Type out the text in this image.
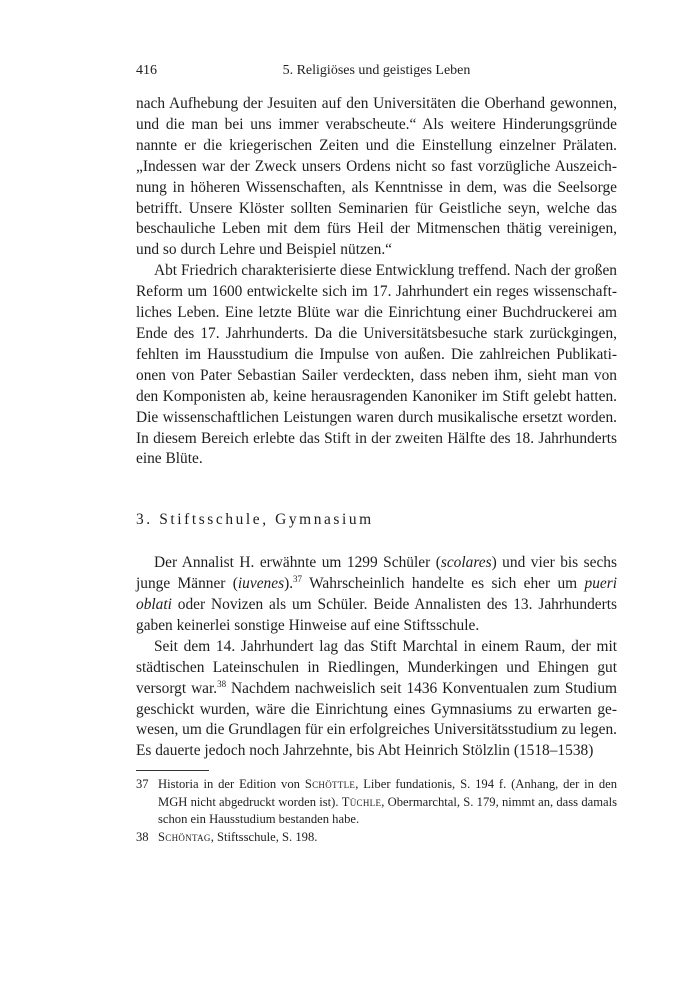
416	5. Religiöses und geistiges Leben

nach Aufhebung der Jesuiten auf den Universitäten die Oberhand gewonnen, und die man bei uns immer verabscheute.“ Als weitere Hinderungsgründe nannte er die kriegerischen Zeiten und die Einstellung einzelner Prälaten. „Indessen war der Zweck unsers Ordens nicht so fast vorzügliche Auszeichnung in höheren Wissenschaften, als Kenntnisse in dem, was die Seelsorge betrifft. Unsere Klöster sollten Seminarien für Geistliche seyn, welche das beschauliche Leben mit dem fürs Heil der Mitmenschen thätig vereinigen, und so durch Lehre und Beispiel nützen.“

Abt Friedrich charakterisierte diese Entwicklung treffend. Nach der großen Reform um 1600 entwickelte sich im 17. Jahrhundert ein reges wissenschaftliches Leben. Eine letzte Blüte war die Einrichtung einer Buchdruckerei am Ende des 17. Jahrhunderts. Da die Universitätsbesuche stark zurückgingen, fehlten im Hausstudium die Impulse von außen. Die zahlreichen Publikationen von Pater Sebastian Sailer verdeckten, dass neben ihm, sieht man von den Komponisten ab, keine herausragenden Kanoniker im Stift gelebt hatten. Die wissenschaftlichen Leistungen waren durch musikalische ersetzt worden. In diesem Bereich erlebte das Stift in der zweiten Hälfte des 18. Jahrhunderts eine Blüte.

3. Stiftsschule, Gymnasium

Der Annalist H. erwähnte um 1299 Schüler (scolares) und vier bis sechs junge Männer (iuvenes).$^{37}$ Wahrscheinlich handelte es sich eher um pueri oblati oder Novizen als um Schüler. Beide Annalisten des 13. Jahrhunderts gaben keinerlei sonstige Hinweise auf eine Stiftsschule.

Seit dem 14. Jahrhundert lag das Stift Marchtal in einem Raum, der mit städtischen Lateinschulen in Riedlingen, Munderkingen und Ehingen gut versorgt war.$^{38}$ Nachdem nachweislich seit 1436 Konventualen zum Studium geschickt wurden, wäre die Einrichtung eines Gymnasiums zu erwarten gewesen, um die Grundlagen für ein erfolgreiches Universitätsstudium zu legen. Es dauerte jedoch noch Jahrzehnte, bis Abt Heinrich Stölzlin (1518–1538)

37 Historia in der Edition von Schöttle, Liber fundationis, S. 194 f. (Anhang, der in den MGH nicht abgedruckt worden ist). Tüchle, Obermarchtal, S. 179, nimmt an, dass damals schon ein Hausstudium bestanden habe.
38 Schöntag, Stiftsschule, S. 198.
